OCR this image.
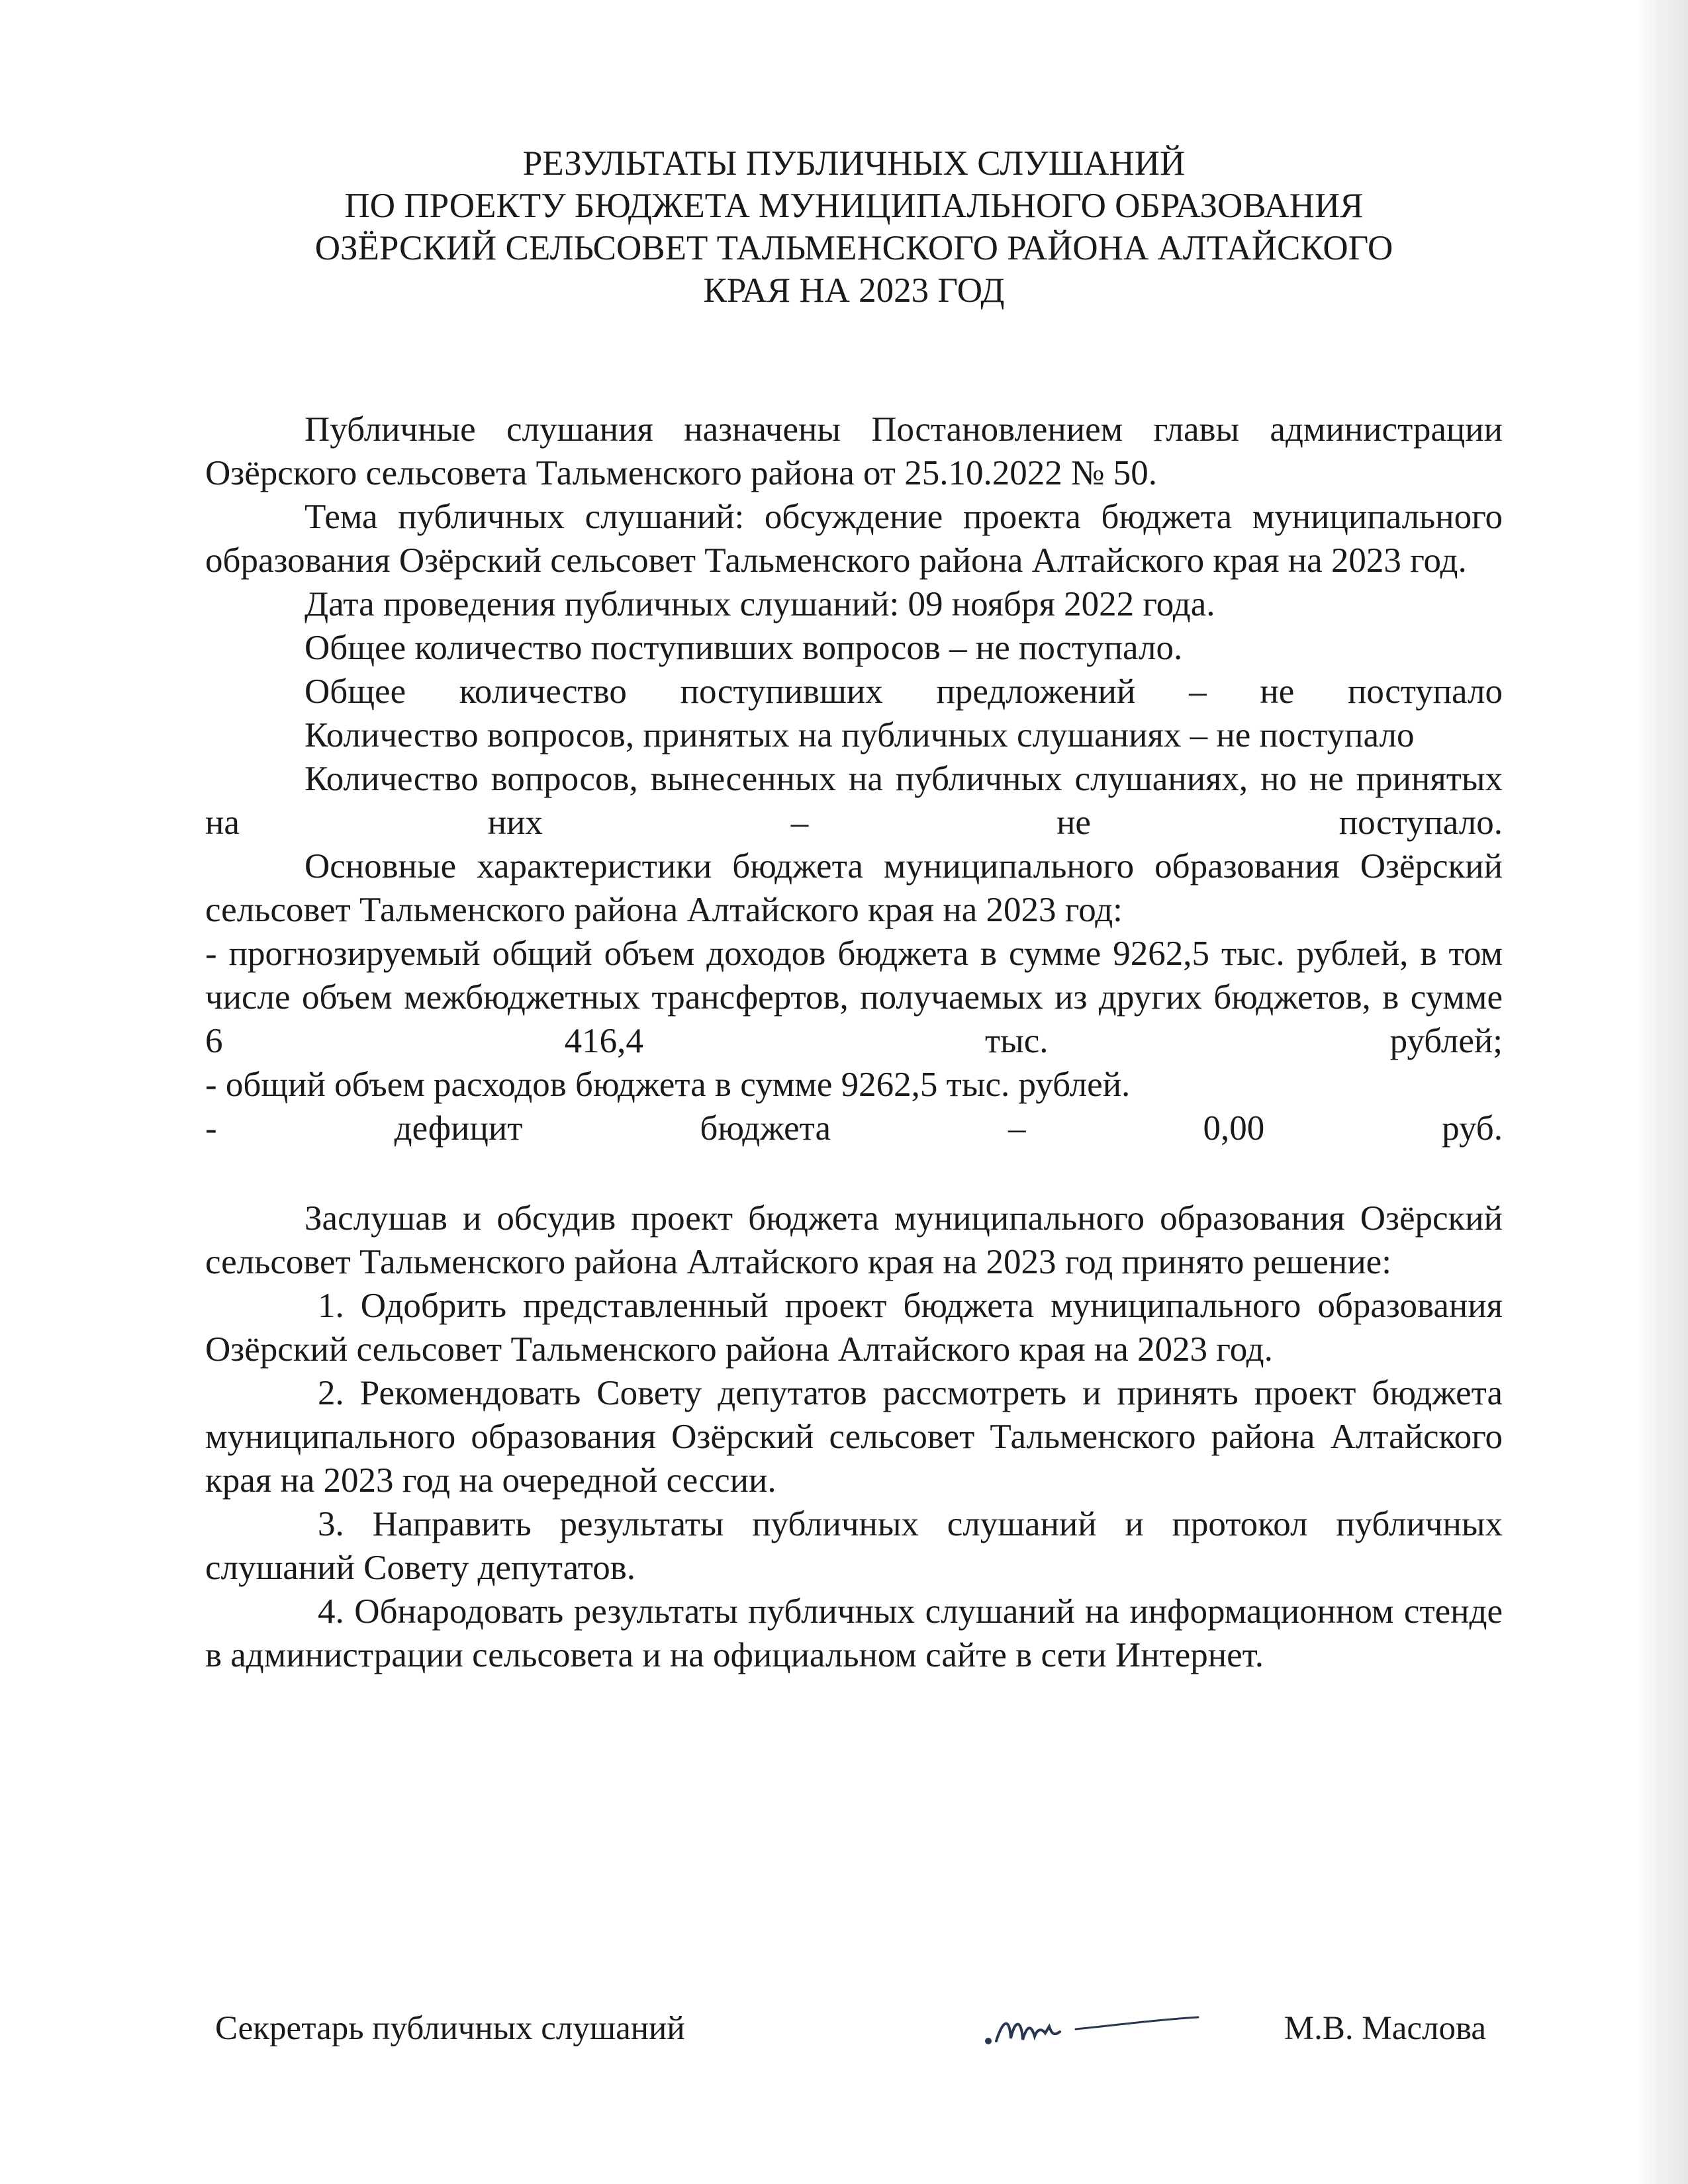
РЕЗУЛЬТАТЫ ПУБЛИЧНЫХ СЛУШАНИЙ
ПО ПРОЕКТУ БЮДЖЕТА МУНИЦИПАЛЬНОГО ОБРАЗОВАНИЯ
ОЗЁРСКИЙ СЕЛЬСОВЕТ ТАЛЬМЕНСКОГО РАЙОНА АЛТАЙСКОГО
КРАЯ НА 2023 ГОД

Публичные слушания назначены Постановлением главы администрации Озёрского сельсовета Тальменского района от 25.10.2022 № 50.

Тема публичных слушаний: обсуждение проекта бюджета муниципального образования Озёрский сельсовет Тальменского района Алтайского края на 2023 год.

Дата проведения публичных слушаний: 09 ноября 2022 года.

Общее количество поступивших вопросов – не поступало.

Общее количество поступивших предложений – не поступало

Количество вопросов, принятых на публичных слушаниях – не поступало

Количество вопросов, вынесенных на публичных слушаниях, но не принятых на них – не поступало.

Основные характеристики бюджета муниципального образования Озёрский сельсовет Тальменского района Алтайского края на 2023 год:

- прогнозируемый общий объем доходов бюджета в сумме 9262,5 тыс. рублей, в том числе объем межбюджетных трансфертов, получаемых из других бюджетов, в сумме 6 416,4 тыс. рублей;

- общий объем расходов бюджета в сумме 9262,5 тыс. рублей.

- дефицит бюджета – 0,00 руб.

Заслушав и обсудив проект бюджета муниципального образования Озёрский сельсовет Тальменского района Алтайского края на 2023 год принято решение:

1. Одобрить представленный проект бюджета муниципального образования Озёрский сельсовет Тальменского района Алтайского края на 2023 год.

2. Рекомендовать Совету депутатов рассмотреть и принять проект бюджета муниципального образования Озёрский сельсовет Тальменского района Алтайского края на 2023 год на очередной сессии.

3. Направить результаты публичных слушаний и протокол публичных слушаний Совету депутатов.

4. Обнародовать результаты публичных слушаний на информационном стенде в администрации сельсовета и на официальном сайте в сети Интернет.

Секретарь публичных слушаний	М.В. Маслова
